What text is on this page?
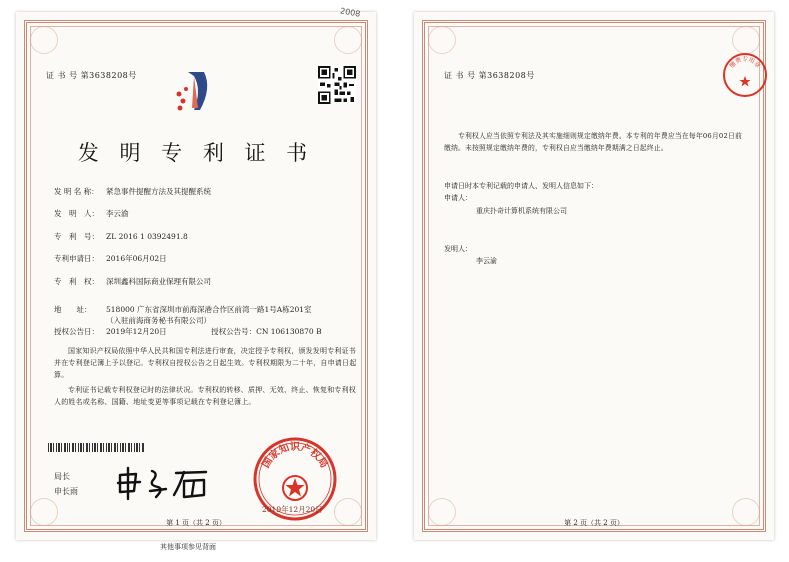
证 书 号 第3638208号
发 明 专 利 证 书
发 明 名 称： 紧急事件提醒方法及其提醒系统
发　明　人： 李云渝
专　利　号： ZL 2016 1 0392491.8
专利申请日： 2016年06月02日
专　利　权： 深圳鑫科国际商业保理有限公司
地　　址： 518000 广东省深圳市前海深港合作区前湾一路1号A栋201室（入驻前海商务秘书有限公司）
授权公告日： 2019年12月20日	授权公告号：CN 106130870 B
国家知识产权局依照中华人民共和国专利法进行审查，决定授予专利权，颁发发明专利证书并在专利登记簿上予以登记。专利权自授权公告之日起生效。专利权期限为二十年，自申请日起算。
专利证书记载专利权登记时的法律状况。专利权的转移、质押、无效、终止、恢复和专利权人的姓名或名称、国籍、地址变更等事项记载在专利登记簿上。
局长
申长雨
国家知识产权局
2019年12月20日
第 1 页（共 2 页）
2008
其他事项参见背面
证 书 号 第3638208号
缴费专用章
专利权人应当依照专利法及其实施细则规定缴纳年费。本专利的年费应当在每年06月02日前缴纳。未按照规定缴纳年费的，专利权自应当缴纳年费期满之日起终止。
申请日时本专利记载的申请人、发明人信息如下：
申请人：
重庆扑奇计算机系统有限公司
发明人：
李云渝
第 2 页（共 2 页）
